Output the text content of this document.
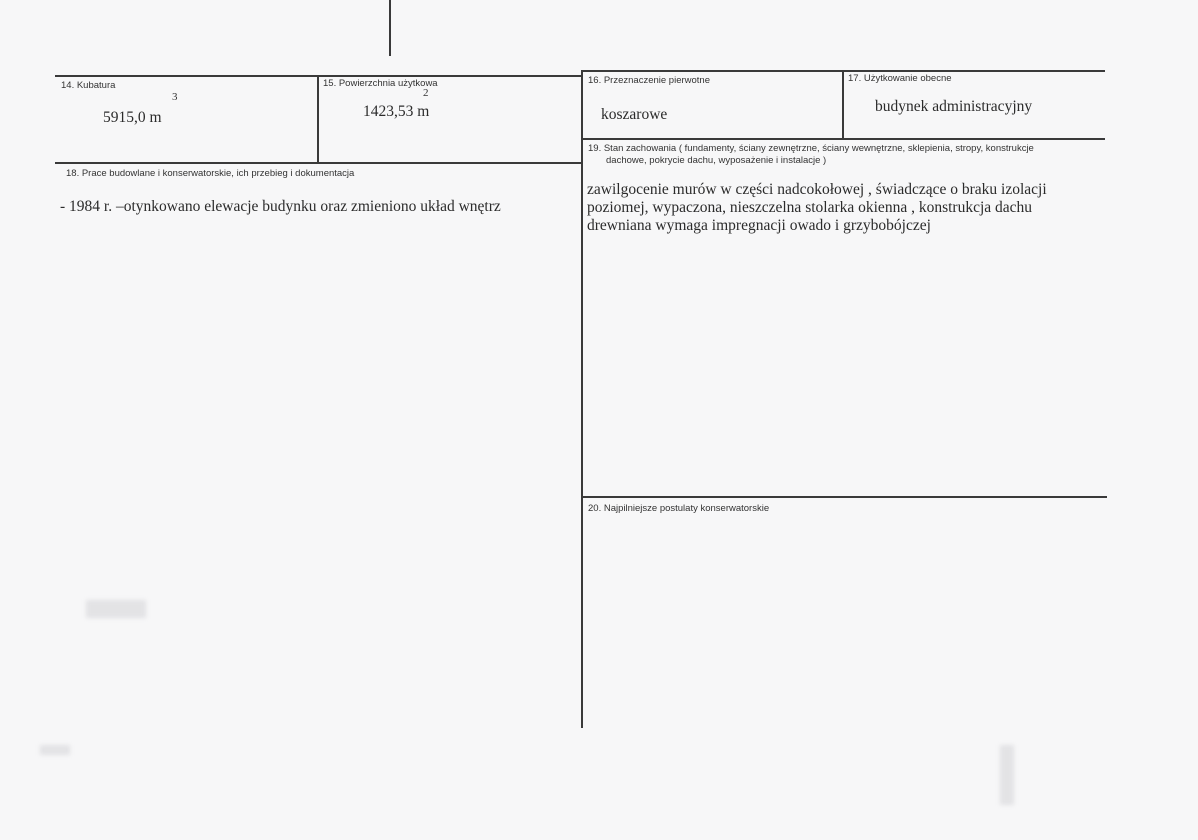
14. Kubatura
5915,0 m
3
15. Powierzchnia użytkowa
1423,53 m
2
16. Przeznaczenie pierwotne
koszarowe
17. Użytkowanie obecne
budynek administracyjny
18. Prace budowlane i konserwatorskie, ich przebieg i dokumentacja
- 1984 r. –otynkowano elewacje budynku oraz zmieniono układ wnętrz
19. Stan zachowania ( fundamenty, ściany zewnętrzne, ściany wewnętrzne, sklepienia, stropy, konstrukcje
dachowe, pokrycie dachu, wyposażenie i instalacje )
zawilgocenie murów w części nadcokołowej , świadczące o braku izolacji
poziomej, wypaczona, nieszczelna stolarka okienna , konstrukcja dachu
drewniana wymaga impregnacji owado i grzybobójczej
20. Najpilniejsze postulaty konserwatorskie
